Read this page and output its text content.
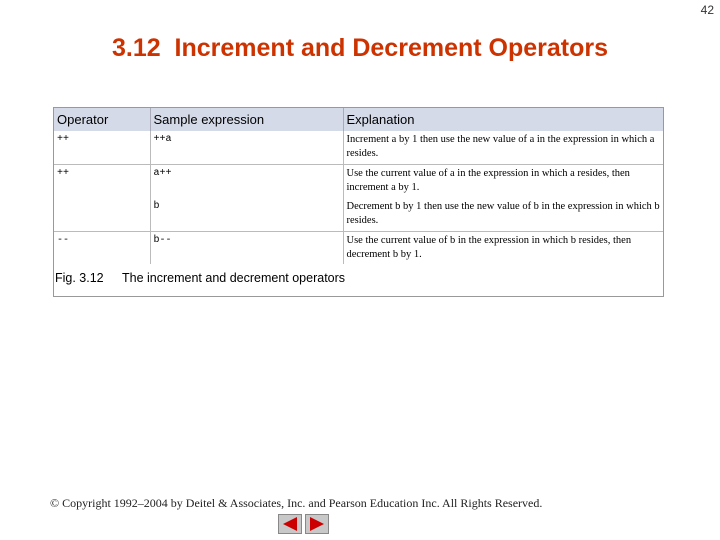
42
3.12  Increment and Decrement Operators
Operator	Sample expression	Explanation
++	++a	Increment a by 1 then use the new value of a in the expression in which a resides.
++	a++	Use the current value of a in the expression in which a resides, then increment a by 1.
	b	Decrement b by 1 then use the new value of b in the expression in which b resides.
--	b--	Use the current value of b in the expression in which b resides, then decrement b by 1.
Fig. 3.12 The increment and decrement operators
© Copyright 1992–2004 by Deitel & Associates, Inc. and Pearson Education Inc. All Rights Reserved.
